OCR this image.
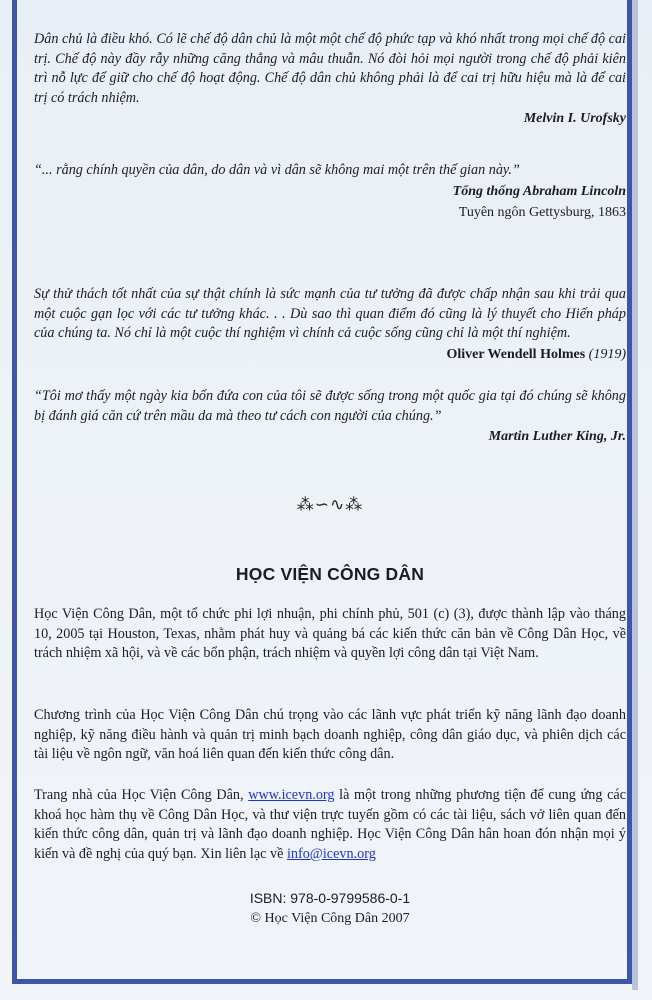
Dân chủ là điều khó. Có lẽ chế độ dân chủ là một một chế độ phức tạp và khó nhất trong mọi chế độ cai trị. Chế độ này đầy rẫy những căng thẳng và mâu thuẫn. Nó đòi hỏi mọi người trong chế độ phải kiên trì nỗ lực để giữ cho chế độ hoạt động. Chế độ dân chủ không phải là để cai trị hữu hiệu mà là để cai trị có trách nhiệm.

Melvin I. Urofsky

“... rằng chính quyền của dân, do dân và vì dân sẽ không mai một trên thế gian này.”

Tổng thống Abraham Lincoln

Tuyên ngôn Gettysburg, 1863

Sự thử thách tốt nhất của sự thật chính là sức mạnh của tư tưởng đã được chấp nhận sau khi trải qua một cuộc gạn lọc với các tư tưởng khác. . . Dù sao thì quan điểm đó cũng là lý thuyết cho Hiến pháp của chúng ta. Nó chỉ là một cuộc thí nghiệm vì chính cả cuộc sống cũng chỉ là một thí nghiệm.

Oliver Wendell Holmes (1919)

“Tôi mơ thấy một ngày kia bốn đứa con của tôi sẽ được sống trong một quốc gia tại đó chúng sẽ không bị đánh giá căn cứ trên mầu da mà theo tư cách con người của chúng.”

Martin Luther King, Jr.

⁂∽∿⁂
HỌC VIỆN CÔNG DÂN

Học Viện Công Dân, một tổ chức phi lợi nhuận, phi chính phủ, 501 (c) (3), được thành lập vào tháng 10, 2005 tại Houston, Texas, nhằm phát huy và quảng bá các kiến thức căn bản về Công Dân Học, về trách nhiệm xã hội, và về các bổn phận, trách nhiệm và quyền lợi công dân tại Việt Nam.

Chương trình của Học Viện Công Dân chú trọng vào các lãnh vực phát triển kỹ năng lãnh đạo doanh nghiệp, kỹ năng điều hành và quản trị minh bạch doanh nghiệp, công dân giáo dục, và phiên dịch các tài liệu về ngôn ngữ, văn hoá liên quan đến kiến thức công dân.

Trang nhà của Học Viện Công Dân, www.icevn.org là một trong những phương tiện để cung ứng các khoá học hàm thụ về Công Dân Học, và thư viện trực tuyến gồm có các tài liệu, sách vở liên quan đến kiến thức công dân, quản trị và lãnh đạo doanh nghiệp. Học Viện Công Dân hân hoan đón nhận mọi ý kiến và đề nghị của quý bạn. Xin liên lạc về info@icevn.org

ISBN: 978-0-9799586-0-1
© Học Viện Công Dân 2007
